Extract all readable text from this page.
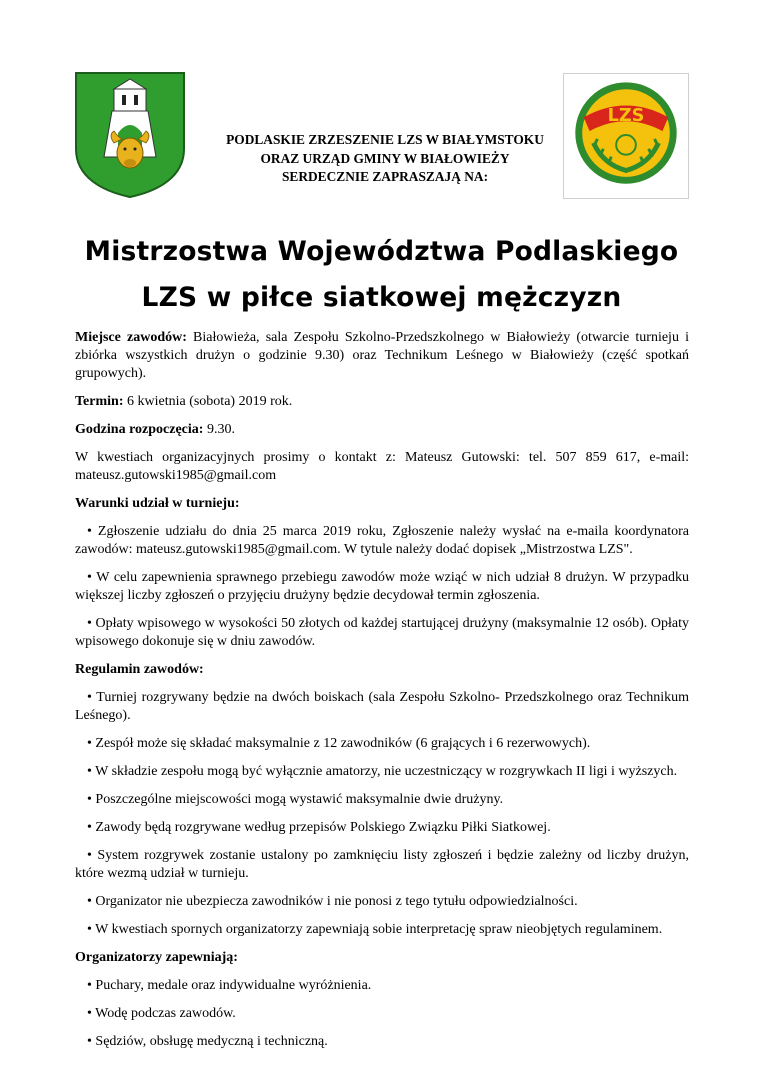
LZS
PODLASKIE ZRZESZENIE LZS W BIAŁYMSTOKU
ORAZ URZĄD GMINY W BIAŁOWIEŻY
SERDECZNIE ZAPRASZAJĄ NA:
Mistrzostwa Województwa Podlaskiego
LZS w piłce siatkowej mężczyzn

Miejsce zawodów: Białowieża, sala Zespołu Szkolno-Przedszkolnego w Białowieży (otwarcie turnieju i zbiórka wszystkich drużyn o godzinie 9.30) oraz Technikum Leśnego w Białowieży (część spotkań grupowych).

Termin: 6 kwietnia (sobota) 2019 rok.

Godzina rozpoczęcia: 9.30.

W kwestiach organizacyjnych prosimy o kontakt z: Mateusz Gutowski: tel. 507 859 617, e-mail: mateusz.gutowski1985@gmail.com

Warunki udział w turnieju:

• Zgłoszenie udziału do dnia 25 marca 2019 roku, Zgłoszenie należy wysłać na e-maila koordynatora zawodów: mateusz.gutowski1985@gmail.com. W tytule należy dodać dopisek „Mistrzostwa LZS".

• W celu zapewnienia sprawnego przebiegu zawodów może wziąć w nich udział 8 drużyn. W przypadku większej liczby zgłoszeń o przyjęciu drużyny będzie decydował termin zgłoszenia.

• Opłaty wpisowego w wysokości 50 złotych od każdej startującej drużyny (maksymalnie 12 osób). Opłaty wpisowego dokonuje się w dniu zawodów.

Regulamin zawodów:

• Turniej rozgrywany będzie na dwóch boiskach (sala Zespołu Szkolno- Przedszkolnego oraz Technikum Leśnego).

• Zespół może się składać maksymalnie z 12 zawodników (6 grających i 6 rezerwowych).

• W składzie zespołu mogą być wyłącznie amatorzy, nie uczestniczący w rozgrywkach II ligi i wyższych.

• Poszczególne miejscowości mogą wystawić maksymalnie dwie drużyny.

• Zawody będą rozgrywane według przepisów Polskiego Związku Piłki Siatkowej.

• System rozgrywek zostanie ustalony po zamknięciu listy zgłoszeń i będzie zależny od liczby drużyn, które wezmą udział w turnieju.

• Organizator nie ubezpiecza zawodników i nie ponosi z tego tytułu odpowiedzialności.

• W kwestiach spornych organizatorzy zapewniają sobie interpretację spraw nieobjętych regulaminem.

Organizatorzy zapewniają:

• Puchary, medale oraz indywidualne wyróżnienia.

• Wodę podczas zawodów.

• Sędziów, obsługę medyczną i techniczną.
